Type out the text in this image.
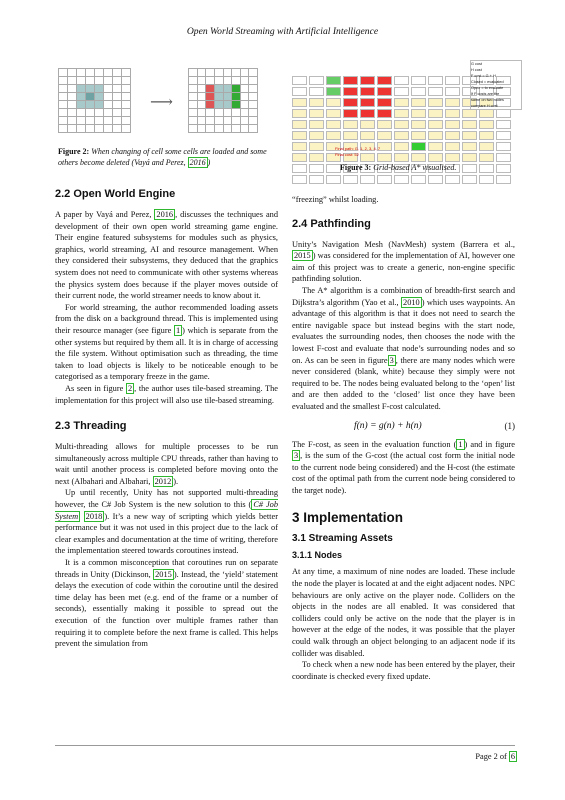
Open World Streaming with Artificial Intelligence

⟶

Figure 2: When changing of cell some cells are loaded and some others become deleted (Vayá and Perez, 2016 )

G cost
H cost
F cost = G + H
Closed = evaluated
Open = to evaluate
If F costs are the
same on two nodes
compare H cost
Final path: G, 1, 2, 3, 4, 7
Final cost: 52
Figure 3: Grid-based A* visualised.
2.2 Open World Engine

A paper by Vayá and Perez, 2016 , discusses the techniques and development of their own open world streaming game engine. Their engine featured subsystems for modules such as physics, graphics, world streaming, AI and resource management. When they considered their subsystems, they deduced that the graphics system does not need to communicate with other systems whereas the physics system does because if the player moves outside of their current node, the world streamer needs to know about it.

For world streaming, the author recommended loading assets from the disk on a background thread. This is implemented using their resource manager (see figure 1 ) which is separate from the other systems but required by them all. It is in charge of accessing the file system. Without optimisation such as threading, the time taken to load objects is likely to be noticeable enough to be categorised as a temporary freeze in the game.

As seen in figure 2 , the author uses tile-based streaming. The implementation for this project will also use tile-based streaming.

2.3 Threading

Multi-threading allows for multiple processes to be run simultaneously across multiple CPU threads, rather than having to wait until another process is completed before moving onto the next (Albahari and Albahari, 2012 ).

Up until recently, Unity has not supported multi-threading however, the C# Job System is the new solution to this ( C# Job System 2018 ). It’s a new way of scripting which yields better performance but it was not used in this project due to the lack of clear examples and documentation at the time of writing, therefore the implementation steered towards coroutines instead.

It is a common misconception that coroutines run on separate threads in Unity (Dickinson, 2015 ). Instead, the ‘yield’ statement delays the execution of code within the coroutine until the desired time delay has been met (e.g. end of the frame or a number of seconds), essentially making it possible to spread out the execution of the function over multiple frames rather than requiring it to complete before the next frame is called. This helps prevent the simulation from

“freezing” whilst loading.

2.4 Pathfinding

Unity’s Navigation Mesh (NavMesh) system (Barrera et al., 2015 ) was considered for the implementation of AI, however one aim of this project was to create a generic, non-engine specific pathfinding solution.

The A* algorithm is a combination of breadth-first search and Dijkstra’s algorithm (Yao et al., 2010 ) which uses waypoints. An advantage of this algorithm is that it does not need to search the entire navigable space but instead begins with the start node, evaluates the surrounding nodes, then chooses the node with the lowest F-cost and evaluate that node’s surrounding nodes and so on. As can be seen in figure 3 , there are many nodes which were never considered (blank, white) because they simply were not required to be. The nodes being evaluated belong to the ‘open’ list and are then added to the ‘closed’ list once they have been evaluated and the smallest F-cost calculated.

f(n) = g(n) + h(n)	(1)

The F-cost, as seen in the evaluation function ( 1 ) and in figure 3 , is the sum of the G-cost (the actual cost form the initial node to the current node being considered) and the H-cost (the estimate cost of the optimal path from the current node being considered to the target node).

3 Implementation
3.1 Streaming Assets
3.1.1 Nodes

At any time, a maximum of nine nodes are loaded. These include the node the player is located at and the eight adjacent nodes. NPC behaviours are only active on the player node. Colliders on the objects in the nodes are all enabled. It was considered that colliders could only be active on the node that the player is in however at the edge of the nodes, it was possible that the player could walk through an object belonging to an adjacent node if its collider was disabled.

To check when a new node has been entered by the player, their coordinate is checked every fixed update.

Page 2 of 6
